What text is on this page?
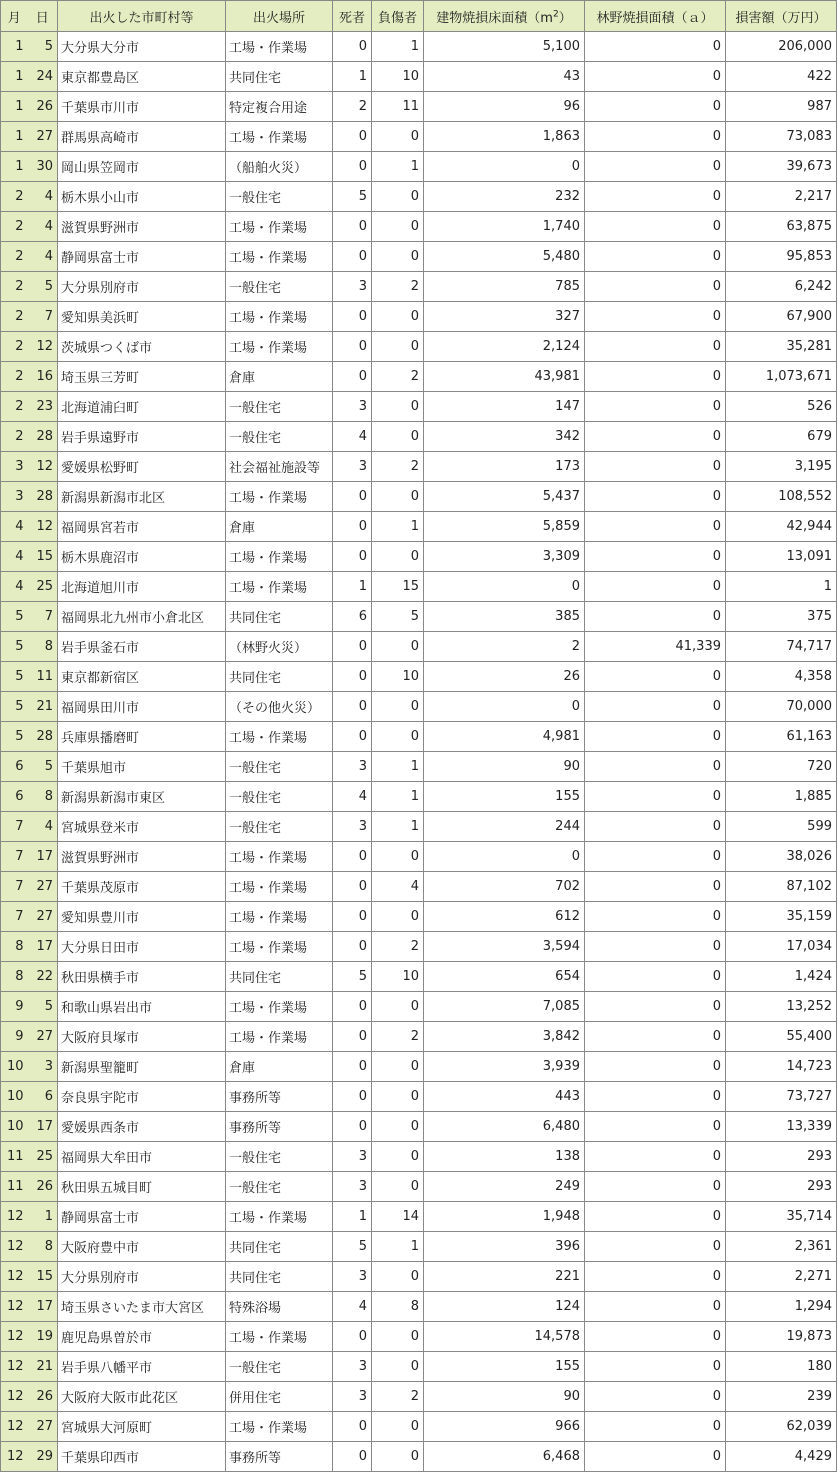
月	日	出火した市町村等	出火場所	死者	負傷者	建物焼損床面積$(m^2)$	林野焼損面積（ａ）	損害額（万円）
1	5	大分県大分市	工場・作業場	0	1	5,100	0	206,000
1	24	東京都豊島区	共同住宅	1	10	43	0	422
1	26	千葉県市川市	特定複合用途	2	11	96	0	987
1	27	群馬県高崎市	工場・作業場	0	0	1,863	0	73,083
1	30	岡山県笠岡市	（船舶火災）	0	1	0	0	39,673
2	4	栃木県小山市	一般住宅	5	0	232	0	2,217
2	4	滋賀県野洲市	工場・作業場	0	0	1,740	0	63,875
2	4	静岡県富士市	工場・作業場	0	0	5,480	0	95,853
2	5	大分県別府市	一般住宅	3	2	785	0	6,242
2	7	愛知県美浜町	工場・作業場	0	0	327	0	67,900
2	12	茨城県つくば市	工場・作業場	0	0	2,124	0	35,281
2	16	埼玉県三芳町	倉庫	0	2	43,981	0	1,073,671
2	23	北海道浦臼町	一般住宅	3	0	147	0	526
2	28	岩手県遠野市	一般住宅	4	0	342	0	679
3	12	愛媛県松野町	社会福祉施設等	3	2	173	0	3,195
3	28	新潟県新潟市北区	工場・作業場	0	0	5,437	0	108,552
4	12	福岡県宮若市	倉庫	0	1	5,859	0	42,944
4	15	栃木県鹿沼市	工場・作業場	0	0	3,309	0	13,091
4	25	北海道旭川市	工場・作業場	1	15	0	0	1
5	7	福岡県北九州市小倉北区	共同住宅	6	5	385	0	375
5	8	岩手県釜石市	（林野火災）	0	0	2	41,339	74,717
5	11	東京都新宿区	共同住宅	0	10	26	0	4,358
5	21	福岡県田川市	（その他火災）	0	0	0	0	70,000
5	28	兵庫県播磨町	工場・作業場	0	0	4,981	0	61,163
6	5	千葉県旭市	一般住宅	3	1	90	0	720
6	8	新潟県新潟市東区	一般住宅	4	1	155	0	1,885
7	4	宮城県登米市	一般住宅	3	1	244	0	599
7	17	滋賀県野洲市	工場・作業場	0	0	0	0	38,026
7	27	千葉県茂原市	工場・作業場	0	4	702	0	87,102
7	27	愛知県豊川市	工場・作業場	0	0	612	0	35,159
8	17	大分県日田市	工場・作業場	0	2	3,594	0	17,034
8	22	秋田県横手市	共同住宅	5	10	654	0	1,424
9	5	和歌山県岩出市	工場・作業場	0	0	7,085	0	13,252
9	27	大阪府貝塚市	工場・作業場	0	2	3,842	0	55,400
10	3	新潟県聖籠町	倉庫	0	0	3,939	0	14,723
10	6	奈良県宇陀市	事務所等	0	0	443	0	73,727
10	17	愛媛県西条市	事務所等	0	0	6,480	0	13,339
11	25	福岡県大牟田市	一般住宅	3	0	138	0	293
11	26	秋田県五城目町	一般住宅	3	0	249	0	293
12	1	静岡県富士市	工場・作業場	1	14	1,948	0	35,714
12	8	大阪府豊中市	共同住宅	5	1	396	0	2,361
12	15	大分県別府市	共同住宅	3	0	221	0	2,271
12	17	埼玉県さいたま市大宮区	特殊浴場	4	8	124	0	1,294
12	19	鹿児島県曽於市	工場・作業場	0	0	14,578	0	19,873
12	21	岩手県八幡平市	一般住宅	3	0	155	0	180
12	26	大阪府大阪市此花区	併用住宅	3	2	90	0	239
12	27	宮城県大河原町	工場・作業場	0	0	966	0	62,039
12	29	千葉県印西市	事務所等	0	0	6,468	0	4,429
